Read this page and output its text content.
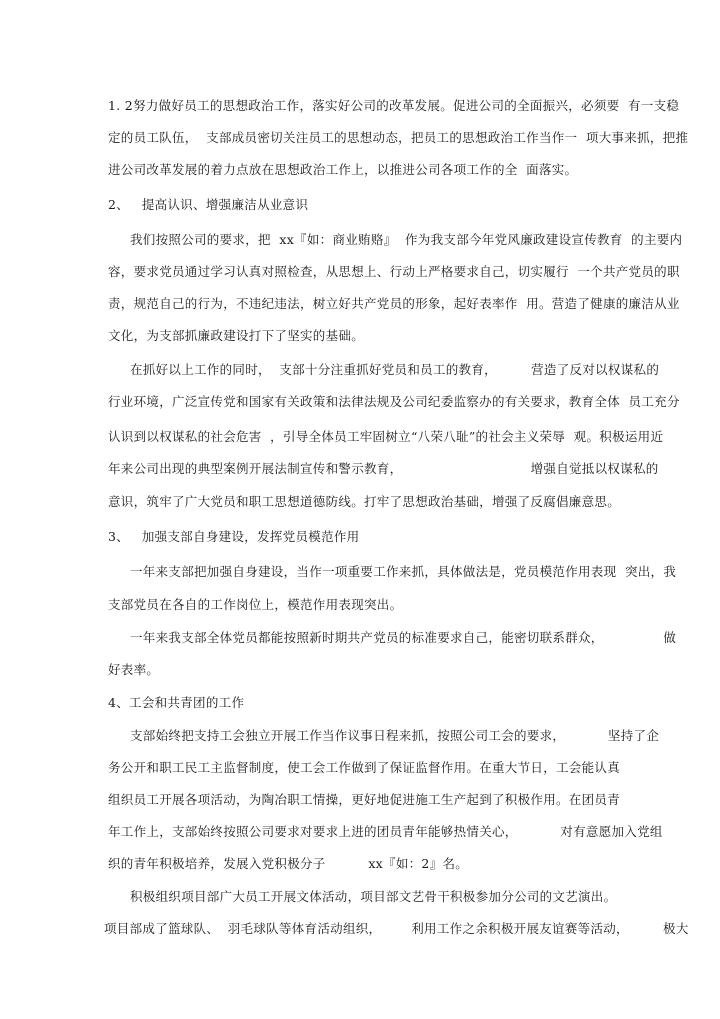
1. 2努力做好员工的思想政治工作，落实好公司的改革发展。促进公司的全面振兴，必须要  有一支稳
定的员工队伍，  支部成员密切关注员工的思想动态，把员工的思想政治工作当作一  项大事来抓，把推
进公司改革发展的着力点放在思想政治工作上，以推进公司各项工作的全  面落实。
2、   提高认识、增强廉洁从业意识
我们按照公司的要求，把  xx『如：商业贿赂』  作为我支部今年党风廉政建设宣传教育  的主要内
容，要求党员通过学习认真对照检查，从思想上、行动上严格要求自己，切实履行  一个共产党员的职
责，规范自己的行为，不违纪违法，树立好共产党员的形象，起好表率作  用。营造了健康的廉洁从业
文化，为支部抓廉政建设打下了坚实的基础。
在抓好以上工作的同时，  支部十分注重抓好党员和员工的教育，        营造了反对以权谋私的
行业环境，广泛宣传党和国家有关政策和法律法规及公司纪委监察办的有关要求，教育全体  员工充分
认识到以权谋私的社会危害  ，引导全体员工牢固树立“八荣八耻”的社会主义荣辱  观。积极运用近
年来公司出现的典型案例开展法制宣传和警示教育，                              增强自觉抵以权谋私的
意识，筑牢了广大党员和职工思想道德防线。打牢了思想政治基础，增强了反腐倡廉意思。
3、   加强支部自身建设，发挥党员模范作用
一年来支部把加强自身建设，当作一项重要工作来抓，具体做法是，党员模范作用表现  突出，我
支部党员在各自的工作岗位上，模范作用表现突出。
一年来我支部全体党员都能按照新时期共产党员的标准要求自己，能密切联系群众，              做
好表率。
4、工会和共青团的工作
支部始终把支持工会独立开展工作当作议事日程来抓，按照公司工会的要求，          坚持了企
务公开和职工民工主监督制度，使工会工作做到了保证监督作用。在重大节日，工会能认真
组织员工开展各项活动，为陶冶职工情操，更好地促进施工生产起到了积极作用。在团员青
年工作上，支部始终按照公司要求对要求上进的团员青年能够热情关心，          对有意愿加入党组
织的青年积极培养，发展入党积极分子          xx『如：2』名。
积极组织项目部广大员工开展文体活动，项目部文艺骨干积极参加分公司的文艺演出。
项目部成了篮球队、  羽毛球队等体育活动组织，       利用工作之余积极开展友谊赛等活动，        极大
